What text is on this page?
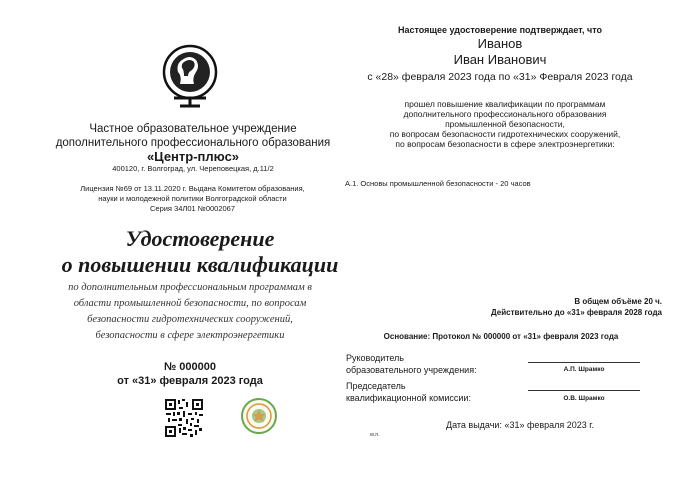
Частное образовательное учреждение
дополнительного профессионального образования
«Центр-плюс»
400120, г. Волгоград, ул. Череповецкая, д.11/2
Лицензия №69 от 13.11.2020 г. Выдана Комитетом образования,
науки и молодежной политики Волгоградской области
Серия 34Л01 №0002067
Удостоверение
о повышении квалификации
по дополнительным профессиональным программам в
области промышленной безопасности, по вопросам
безопасности гидротехнических сооружений,
безопасности в сфере электроэнергетики
№ 000000
от «31» февраля 2023 года
Настоящее удостоверение подтверждает, что
Иванов
Иван Иванович
с «28» февраля 2023 года по «31» Февраля 2023 года
прошел повышение квалификации по программам
дополнительного профессионального образования
промышленной безопасности,
по вопросам безопасности гидротехнических сооружений,
по вопросам безопасности в сфере электроэнергетики:
А.1. Основы промышленной безопасности - 20 часов
В общем объёме 20 ч.
Действительно до «31» февраля 2028 года
Основание: Протокол № 000000 от «31» февраля 2023 года
Руководитель
образовательного учреждения:	А.П. Шрамко
Председатель
квалификационной комиссии:	О.В. Шрамко
Дата выдачи: «31» февраля 2023 г.
м.п.
